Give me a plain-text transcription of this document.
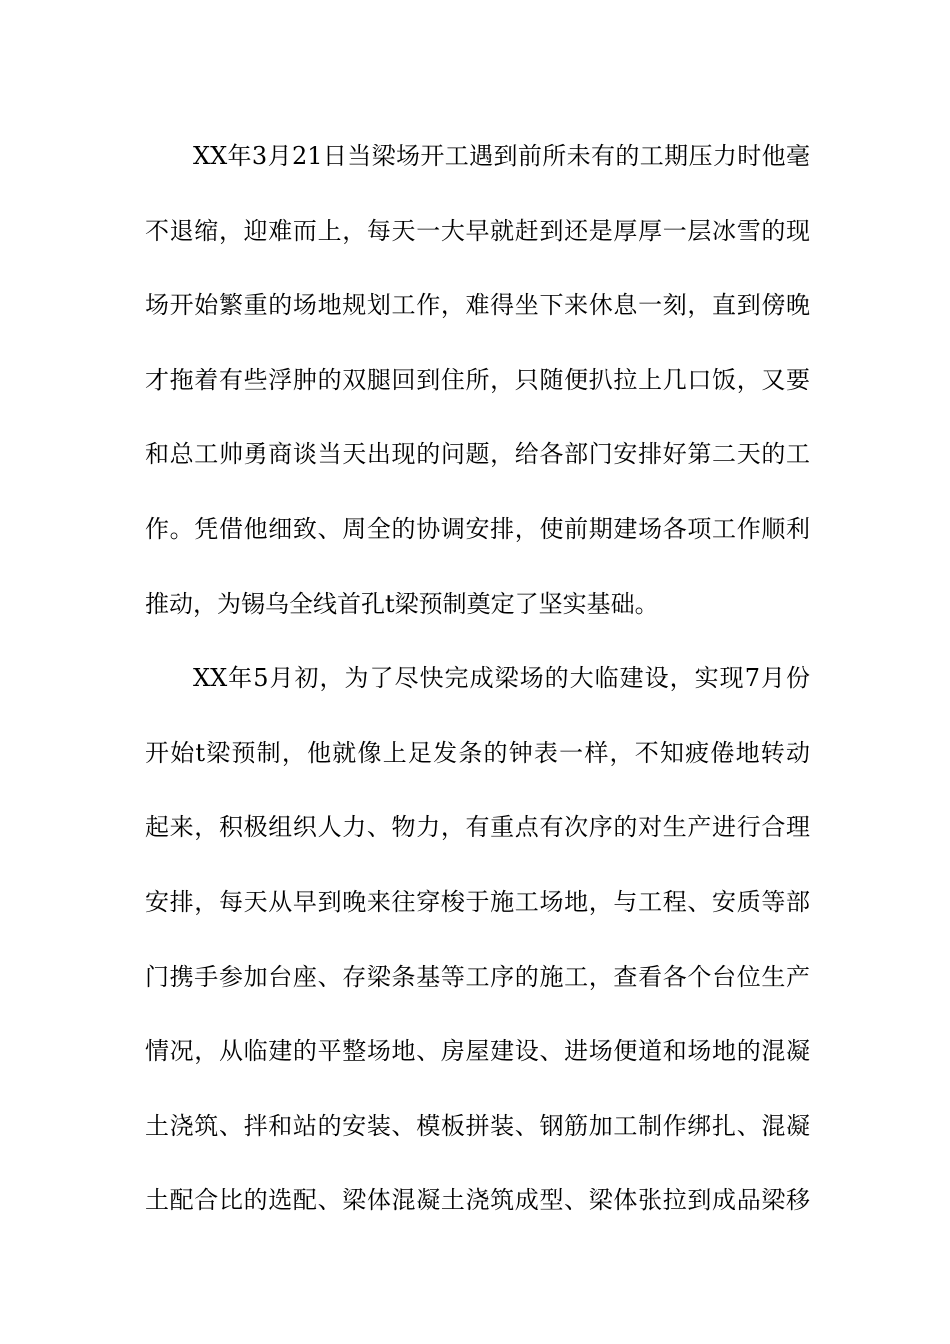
XX年3月21日当梁场开工遇到前所未有的工期压力时他毫
不退缩，迎难而上，每天一大早就赶到还是厚厚一层冰雪的现
场开始繁重的场地规划工作，难得坐下来休息一刻，直到傍晚
才拖着有些浮肿的双腿回到住所，只随便扒拉上几口饭，又要
和总工帅勇商谈当天出现的问题，给各部门安排好第二天的工
作。凭借他细致、周全的协调安排，使前期建场各项工作顺利
推动，为锡乌全线首孔t梁预制奠定了坚实基础。
XX年5月初，为了尽快完成梁场的大临建设，实现7月份
开始t梁预制，他就像上足发条的钟表一样，不知疲倦地转动
起来，积极组织人力、物力，有重点有次序的对生产进行合理
安排，每天从早到晚来往穿梭于施工场地，与工程、安质等部
门携手参加台座、存梁条基等工序的施工，查看各个台位生产
情况，从临建的平整场地、房屋建设、进场便道和场地的混凝
土浇筑、拌和站的安装、模板拼装、钢筋加工制作绑扎、混凝
土配合比的选配、梁体混凝土浇筑成型、梁体张拉到成品梁移
